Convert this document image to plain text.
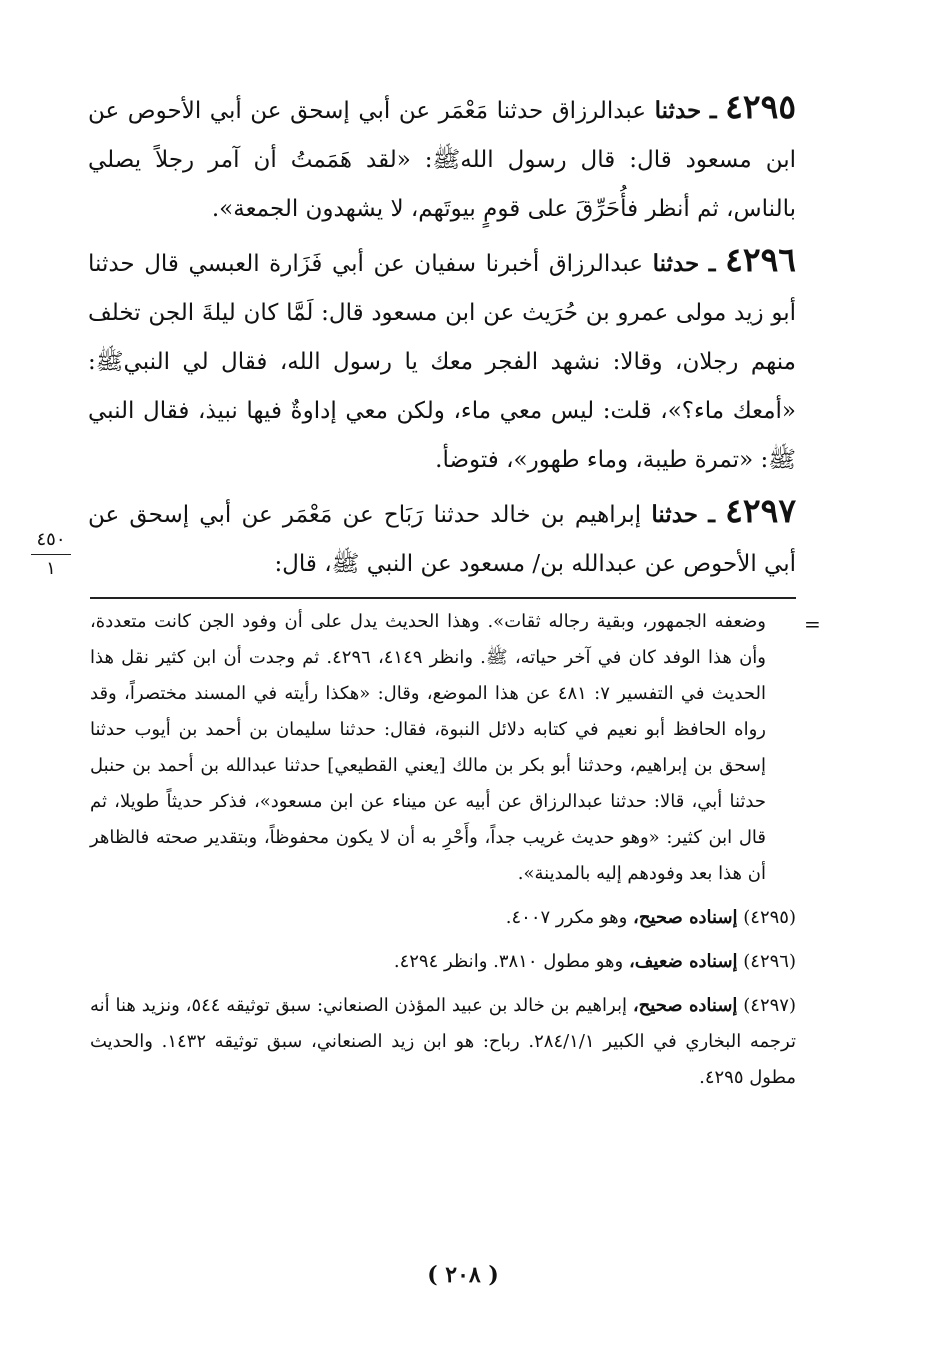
٤٢٩٥ ـ حدثنا عبدالرزاق حدثنا مَعْمَر عن أبي إسحق عن أبي الأحوص عن ابن مسعود قال: قال رسول اللهﷺ: «لقد هَمَمتُ أن آمر رجلاً يصلي بالناس، ثم أنظر فأُحَرِّقَ على قومٍ بيوتَهم، لا يشهدون الجمعة».

٤٢٩٦ ـ حدثنا عبدالرزاق أخبرنا سفيان عن أبي فَزَارة العبسي قال حدثنا أبو زيد مولى عمرو بن حُرَيث عن ابن مسعود قال: لَمَّا كان ليلةَ الجن تخلف منهم رجلان، وقالا: نشهد الفجر معك يا رسول الله، فقال لي النبيﷺ: «أمعك ماء؟»، قلت: ليس معي ماء، ولكن معي إداوةٌ فيها نبيذ، فقال النبي ﷺ: «تمرة طيبة، وماء طهور»، فتوضأ.

٤٢٩٧ ـ حدثنا إبراهيم بن خالد حدثنا رَبَاح عن مَعْمَر عن أبي إسحق عن أبي الأحوص عن عبدالله بن/ مسعود عن النبي ﷺ، قال:

٤٥٠
١
=

وضعفه الجمهور، وبقية رجاله ثقات». وهذا الحديث يدل على أن وفود الجن كانت متعددة، وأن هذا الوفد كان في آخر حياته، ﷺ. وانظر ٤١٤٩، ٤٢٩٦. ثم وجدت أن ابن كثير نقل هذا الحديث في التفسير ٧: ٤٨١ عن هذا الموضع، وقال: «هكذا رأيته في المسند مختصراً، وقد رواه الحافظ أبو نعيم في كتابه دلائل النبوة، فقال: حدثنا سليمان بن أحمد بن أيوب حدثنا إسحق بن إبراهيم، وحدثنا أبو بكر بن مالك [يعني القطيعي] حدثنا عبدالله بن أحمد بن حنبل حدثنا أبي، قالا: حدثنا عبدالرزاق عن أبيه عن ميناء عن ابن مسعود»، فذكر حديثاً طويلا، ثم قال ابن كثير: «وهو حديث غريب جداً، وأَحْرِ به أن لا يكون محفوظاً، وبتقدير صحته فالظاهر أن هذا بعد وفودهم إليه بالمدينة».

(٤٢٩٥) إسناده صحيح، وهو مكرر ٤٠٠٧.

(٤٢٩٦) إسناده ضعيف، وهو مطول ٣٨١٠. وانظر ٤٢٩٤.

(٤٢٩٧) إسناده صحيح، إبراهيم بن خالد بن عبيد المؤذن الصنعاني: سبق توثيقه ٥٤٤، ونزيد هنا أنه ترجمه البخاري في الكبير ٢٨٤/١/١. رباح: هو ابن زيد الصنعاني، سبق توثيقه ١٤٣٢. والحديث مطول ٤٢٩٥.

( ٢٠٨ )
